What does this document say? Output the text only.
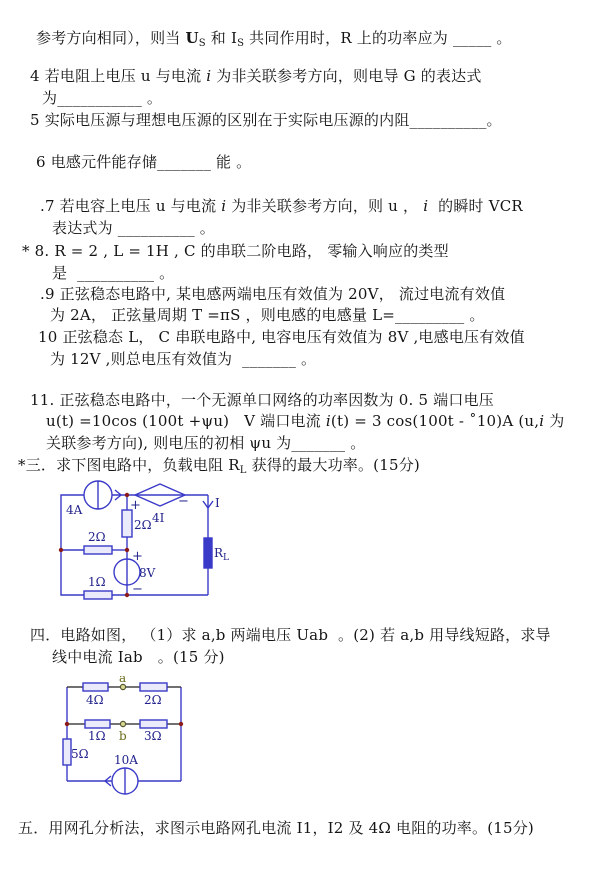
参考方向相同），则当 $U_S$ 和 $I_S$ 共同作用时，R 上的功率应为 _____ 。
4 若电阻上电压 u 与电流 i 为非关联参考方向，则电导 G 的表达式
为___________ 。
5 实际电压源与理想电压源的区别在于实际电压源的内阻__________。
6 电感元件能存储_______ 能 。
.7 若电容上电压 u 与电流 i 为非关联参考方向，则 u ， i  的瞬时 VCR
表达式为 __________ 。
* 8. R = 2 , L = 1H , C 的串联二阶电路， 零输入响应的类型
是  __________ 。
.9 正弦稳态电路中, 某电感两端电压有效值为 20V， 流过电流有效值
为 2A， 正弦量周期 T =πS ，则电感的电感量 L=_________ 。
10 正弦稳态 L， C 串联电路中, 电容电压有效值为 8V ,电感电压有效值
为 12V ,则总电压有效值为  _______ 。
11. 正弦稳态电路中，一个无源单口网络的功率因数为 0. 5 端口电压
u(t) =10cos (100t +ψu)   V 端口电流 i(t) = 3 cos(100t - ˚10)A (u,i 为
关联参考方向), 则电压的初相 ψu 为_______ 。
*三．求下图电路中，负载电阻 $R_L$ 获得的最大功率。(15分)
四．电路如图， （1）求 a,b 两端电压 Uab  。(2) 若 a,b 用导线短路，求导
线中电流 Iab   。(15 分)
五．用网孔分析法，求图示电路网孔电流 I1，I2 及 4Ω 电阻的功率。(15分)
4A	+	−
4I
I
2Ω
2Ω
1Ω
+
−
8V
$R_L$
a
b
4Ω	2Ω
1Ω	3Ω
5Ω 10A
